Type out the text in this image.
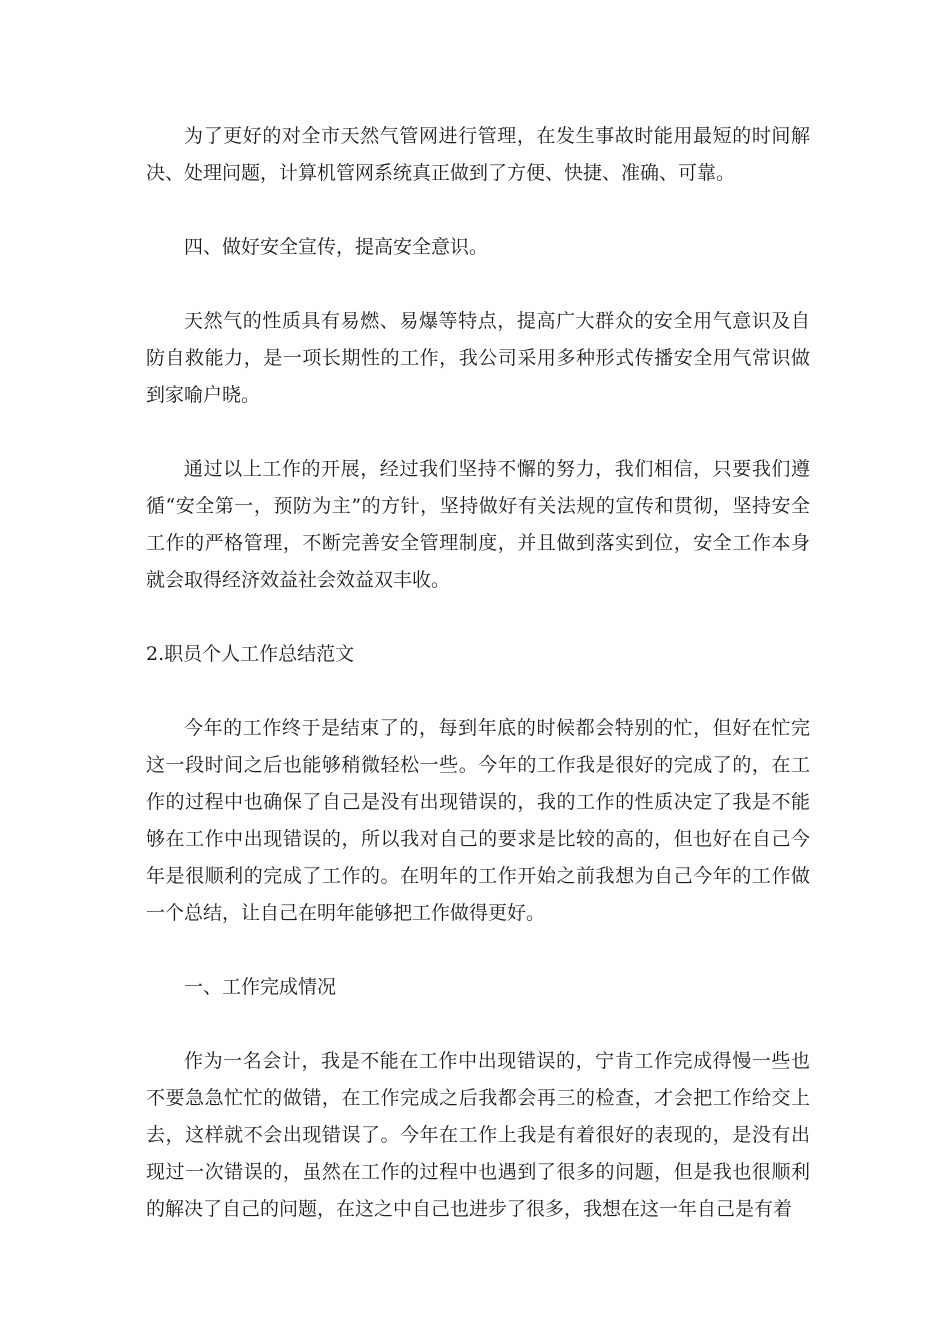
为了更好的对全市天然气管网进行管理，在发生事故时能用最短的时间解决、处理问题，计算机管网系统真正做到了方便、快捷、准确、可靠。

四、做好安全宣传，提高安全意识。

天然气的性质具有易燃、易爆等特点，提高广大群众的安全用气意识及自防自救能力，是一项长期性的工作，我公司采用多种形式传播安全用气常识做到家喻户晓。

通过以上工作的开展，经过我们坚持不懈的努力，我们相信，只要我们遵循“安全第一，预防为主”的方针，坚持做好有关法规的宣传和贯彻，坚持安全工作的严格管理，不断完善安全管理制度，并且做到落实到位，安全工作本身就会取得经济效益社会效益双丰收。

2.职员个人工作总结范文

今年的工作终于是结束了的，每到年底的时候都会特别的忙，但好在忙完这一段时间之后也能够稍微轻松一些。今年的工作我是很好的完成了的，在工作的过程中也确保了自己是没有出现错误的，我的工作的性质决定了我是不能够在工作中出现错误的，所以我对自己的要求是比较的高的，但也好在自己今年是很顺利的完成了工作的。在明年的工作开始之前我想为自己今年的工作做一个总结，让自己在明年能够把工作做得更好。

一、工作完成情况

作为一名会计，我是不能在工作中出现错误的，宁肯工作完成得慢一些也不要急急忙忙的做错，在工作完成之后我都会再三的检查，才会把工作给交上去，这样就不会出现错误了。今年在工作上我是有着很好的表现的，是没有出现过一次错误的，虽然在工作的过程中也遇到了很多的问题，但是我也很顺利的解决了自己的问题，在这之中自己也进步了很多，我想在这一年自己是有着
